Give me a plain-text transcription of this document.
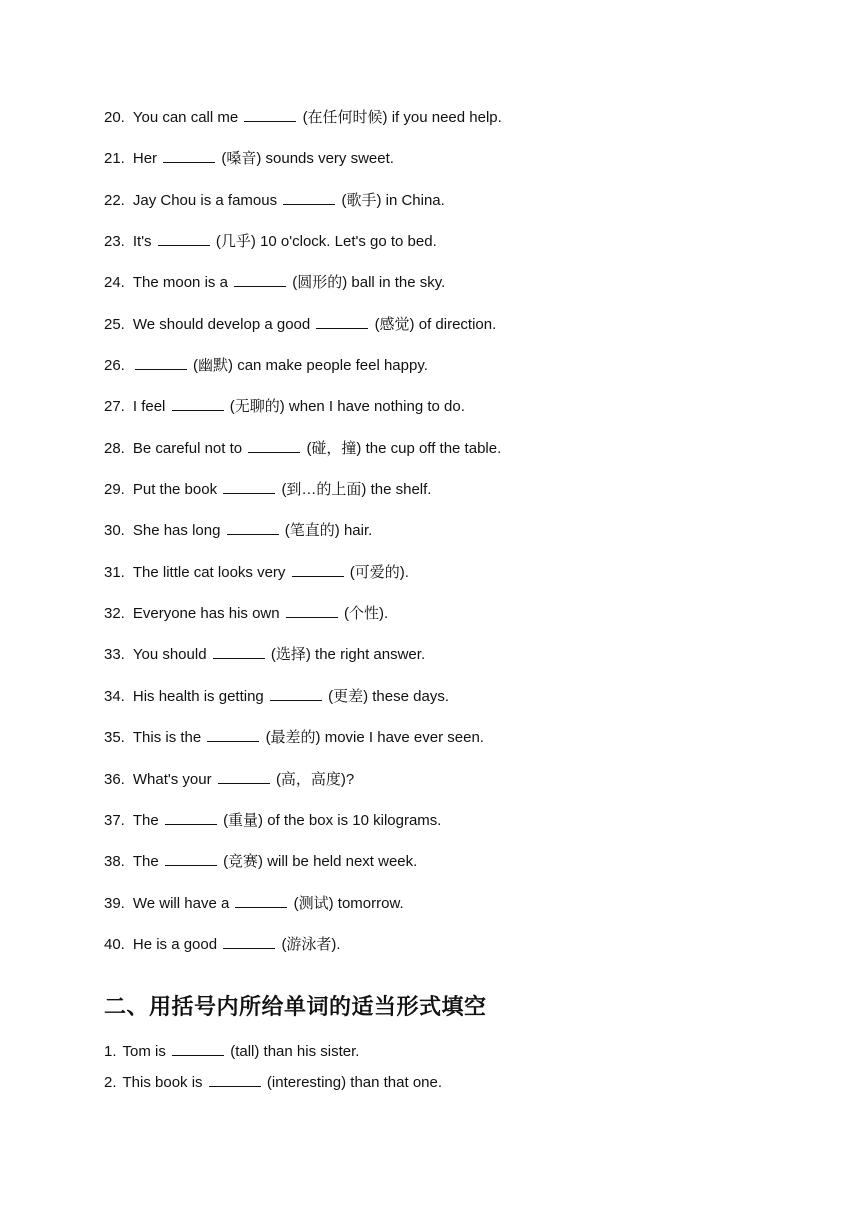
20. You can call me	(在任何时候) if you need help.
21. Her	(嗓音) sounds very sweet.
22. Jay Chou is a famous	(歌手) in China.
23. It's	(几乎) 10 o'clock. Let's go to bed.
24. The moon is a	(圆形的) ball in the sky.
25. We should develop a good	(感觉) of direction.
26.	(幽默) can make people feel happy.
27. I feel	(无聊的) when I have nothing to do.
28. Be careful not to	(碰，撞) the cup off the table.
29. Put the book	(到…的上面) the shelf.
30. She has long	(笔直的) hair.
31. The little cat looks very	(可爱的).
32. Everyone has his own	(个性).
33. You should	(选择) the right answer.
34. His health is getting	(更差) these days.
35. This is the	(最差的) movie I have ever seen.
36. What's your	(高，高度)?
37. The	(重量) of the box is 10 kilograms.
38. The	(竞赛) will be held next week.
39. We will have a	(测试) tomorrow.
40. He is a good	(游泳者).
二、用括号内所给单词的适当形式填空
1. Tom is	(tall) than his sister.
2. This book is	(interesting) than that one.
